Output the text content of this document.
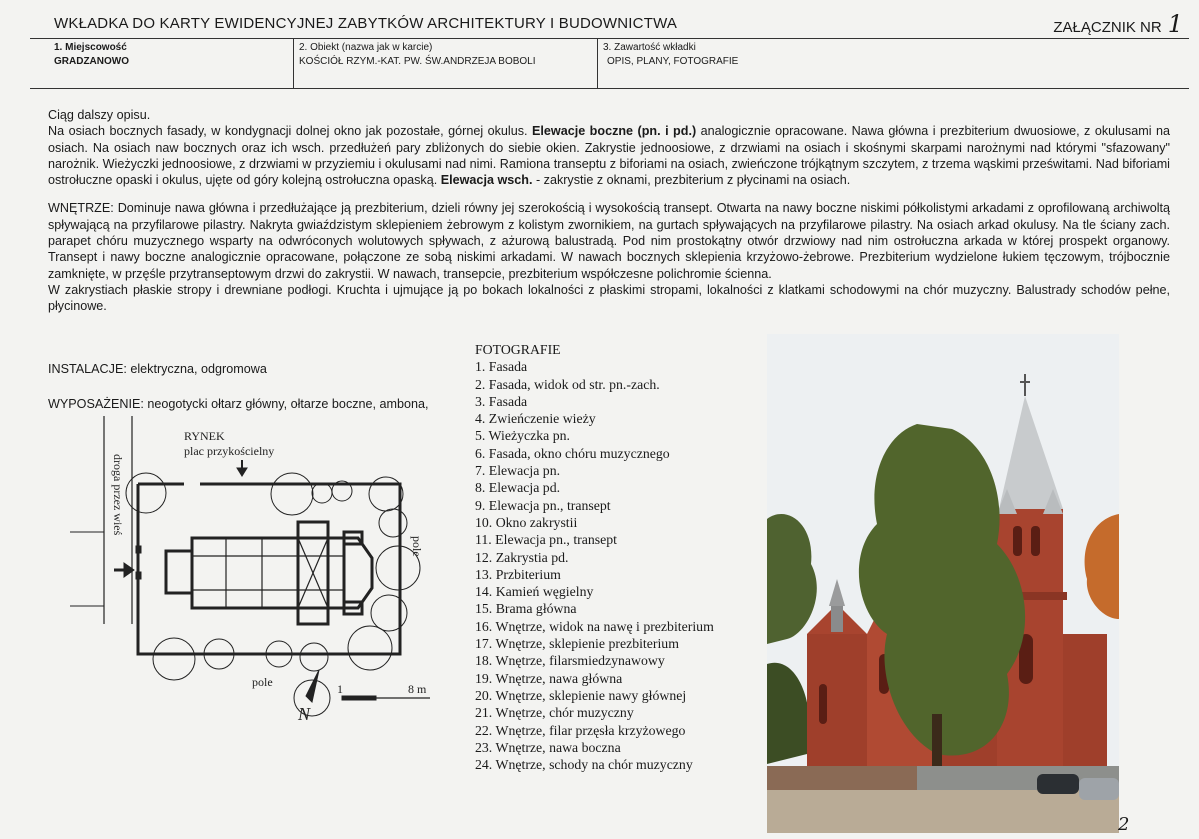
WKŁADKA DO KARTY EWIDENCYJNEJ ZABYTKÓW ARCHITEKTURY I BUDOWNICTWA	ZAŁĄCZNIK NR 1
1. Miejscowość
GRADZANOWO
2. Obiekt (nazwa jak w karcie)
KOŚCIÓŁ RZYM.-KAT. PW. ŚW.ANDRZEJA BOBOLI
3. Zawartość wkładki
OPIS, PLANY, FOTOGRAFIE

Ciąg dalszy opisu.

Na osiach bocznych fasady, w kondygnacji dolnej okno jak pozostałe, górnej okulus. Elewacje boczne (pn. i pd.) analogicznie opracowane. Nawa główna i prezbiterium dwuosiowe, z okulusami na osiach. Na osiach naw bocznych oraz ich wsch. przedłużeń pary zbliżonych do siebie okien. Zakrystie jednoosiowe, z drzwiami na osiach i skośnymi skarpami narożnymi nad którymi "sfazowany" narożnik. Wieżyczki jednoosiowe, z drzwiami w przyziemiu i okulusami nad nimi. Ramiona transeptu z biforiami na osiach, zwieńczone trójkątnym szczytem, z trzema wąskimi prześwitami. Nad biforiami ostrołuczne opaski i okulus, ujęte od góry kolejną ostrołuczna opaską. Elewacja wsch. - zakrystie z oknami, prezbiterium z płycinami na osiach.

WNĘTRZE: Dominuje nawa główna i przedłużające ją prezbiterium, dzieli równy jej szerokością i wysokością transept. Otwarta na nawy boczne niskimi półkolistymi arkadami z oprofilowaną archiwoltą spływającą na przyfilarowe pilastry. Nakryta gwiaździstym sklepieniem żebrowym z kolistym zwornikiem, na gurtach spływających na przyfilarowe pilastry. Na osiach arkad okulusy. Na tle ściany zach. parapet chóru muzycznego wsparty na odwróconych wolutowych spływach, z ażurową balustradą. Pod nim prostokątny otwór drzwiowy nad nim ostrołuczna arkada w której prospekt organowy. Transept i nawy boczne analogicznie opracowane, połączone ze sobą niskimi arkadami. W nawach bocznych sklepienia krzyżowo-żebrowe. Prezbiterium wydzielone łukiem tęczowym, trójbocznie zamknięte, w przęśle przytranseptowym drzwi do zakrystii. W nawach, transepcie, prezbiterium współczesne polichromie ścienna.

W zakrystiach płaskie stropy i drewniane podłogi. Kruchta i ujmujące ją po bokach lokalności z płaskimi stropami, lokalności z klatkami schodowymi na chór muzyczny. Balustrady schodów pełne, płycinowe.

INSTALACJE: elektryczna, odgromowa
WYPOSAŻENIE: neogotycki ołtarz główny, ołtarze boczne, ambona,
RYNEK
plac przykościelny
droga przez wieś
pole
pole
N
1	8 m
FOTOGRAFIE
1. Fasada
2. Fasada, widok od str. pn.-zach.
3. Fasada
4. Zwieńczenie wieży
5. Wieżyczka pn.
6. Fasada, okno chóru muzycznego
7. Elewacja pn.
8. Elewacja pd.
9. Elewacja pn., transept
10. Okno zakrystii
11. Elewacja pn., transept
12. Zakrystia pd.
13. Przbiterium
14. Kamień węgielny
15. Brama główna
16. Wnętrze, widok na nawę i prezbiterium
17. Wnętrze, sklepienie prezbiterium
18. Wnętrze, filarsmiedzynawowy
19. Wnętrze, nawa główna
20. Wnętrze, sklepienie nawy głównej
21. Wnętrze, chór muzyczny
22. Wnętrze, filar przęsła krzyżowego
23. Wnętrze, nawa boczna
24. Wnętrze, schody na chór muzyczny
2
